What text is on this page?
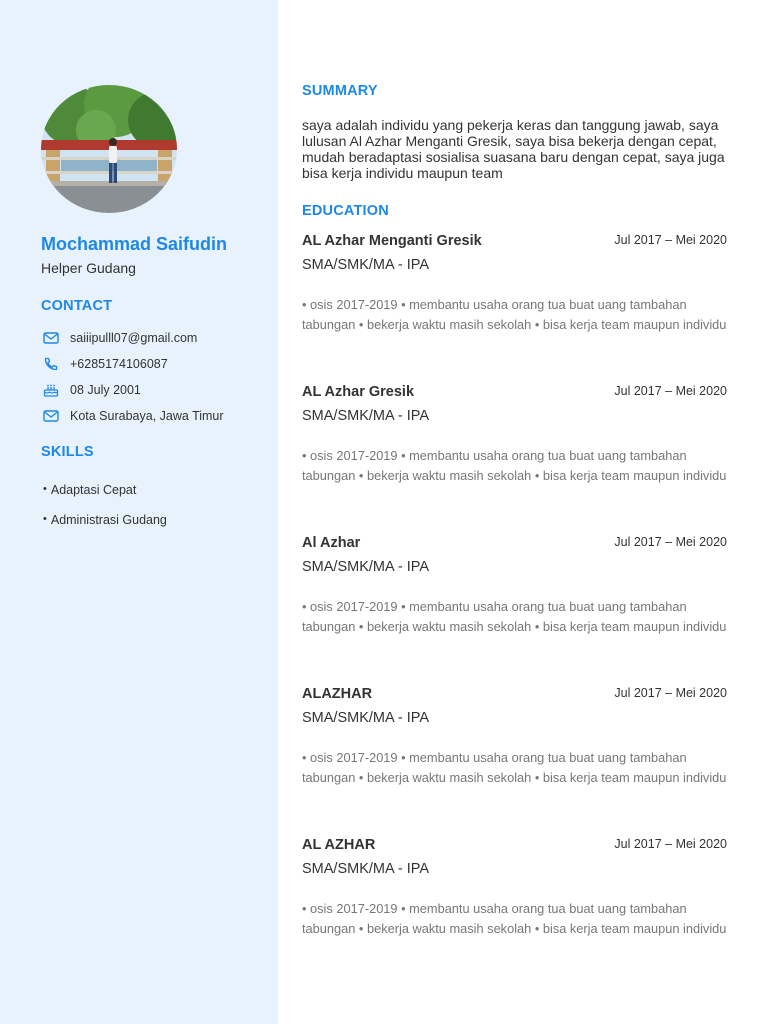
Mochammad Saifudin
Helper Gudang
CONTACT
saiiipulll07@gmail.com
+6285174106087
08 July 2001
Kota Surabaya, Jawa Timur
SKILLS
• Adaptasi Cepat
• Administrasi Gudang
SUMMARY
saya adalah individu yang pekerja keras dan tanggung jawab, saya lulusan Al Azhar Menganti Gresik, saya bisa bekerja dengan cepat, mudah beradaptasi sosialisa suasana baru dengan cepat, saya juga bisa kerja individu maupun team
EDUCATION
AL Azhar Menganti Gresik	Jul 2017 – Mei 2020
SMA/SMK/MA - IPA
• osis 2017-2019 • membantu usaha orang tua buat uang tambahan tabungan • bekerja waktu masih sekolah • bisa kerja team maupun individu
AL Azhar Gresik	Jul 2017 – Mei 2020
SMA/SMK/MA - IPA
• osis 2017-2019 • membantu usaha orang tua buat uang tambahan tabungan • bekerja waktu masih sekolah • bisa kerja team maupun individu
Al Azhar	Jul 2017 – Mei 2020
SMA/SMK/MA - IPA
• osis 2017-2019 • membantu usaha orang tua buat uang tambahan tabungan • bekerja waktu masih sekolah • bisa kerja team maupun individu
ALAZHAR	Jul 2017 – Mei 2020
SMA/SMK/MA - IPA
• osis 2017-2019 • membantu usaha orang tua buat uang tambahan tabungan • bekerja waktu masih sekolah • bisa kerja team maupun individu
AL AZHAR	Jul 2017 – Mei 2020
SMA/SMK/MA - IPA
• osis 2017-2019 • membantu usaha orang tua buat uang tambahan tabungan • bekerja waktu masih sekolah • bisa kerja team maupun individu
